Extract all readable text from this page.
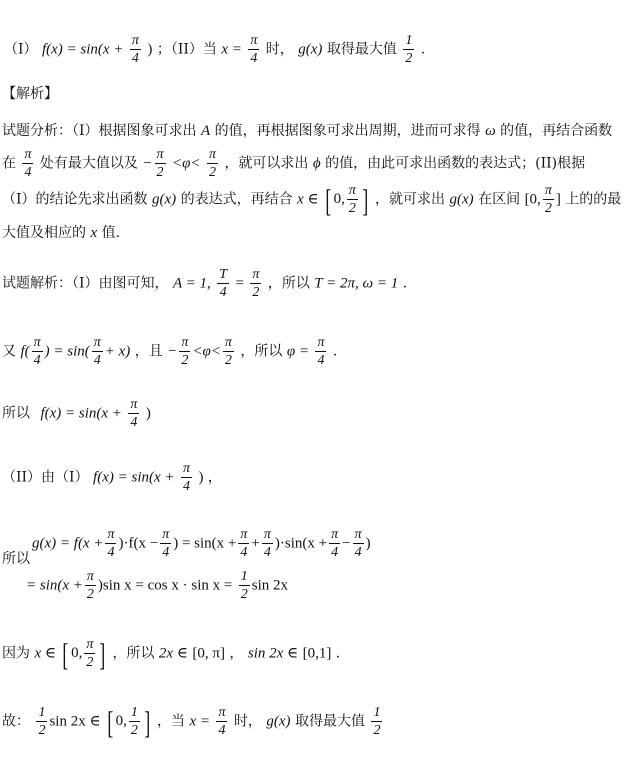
（I） $f(x) = \sin(x + \frac{\pi}{4}$ ) ；（II）当 $x = \frac{\pi}{4}$ 时， g(x) 取得最大值 $\frac{1}{2}$ .
【解析】
试题分析：（I）根据图象可求出 A 的值，再根据图象可求出周期，进而可求得 ω 的值，再结合函数
在 $\frac{\pi}{4}$ 处有最大值以及 − $\frac{\pi}{2} <\varphi< \frac{\pi}{2}$ ，就可以求出 ϕ 的值，由此可求出函数的表达式；(II)根据
（I）的结论先求出函数 g(x) 的表达式，再结合 x ∈ [ 0, $\frac{\pi}{2}$ ] ，就可求出 g(x) 在区间 [0, $\frac{\pi}{2}$ ] 上的的最
大值及相应的 x 值.
试题解析：（I）由图可知， A = 1, $\frac{T}{4} = \frac{\pi}{2}$ ，所以 T = 2π, ω = 1 .
又 $f( \frac{\pi}{4}$ ) = $\sin( \frac{\pi}{4} + x)$ ，且 − $\frac{\pi}{2} <\varphi< \frac{\pi}{2}$ ，所以 $\varphi = \frac{\pi}{4}$ .
所以 $f(x) = \sin(x + \frac{\pi}{4}$ )
（II）由（I） $f(x) = \sin(x + \frac{\pi}{4}$ ) ，
$g(x) = f(x + \frac{\pi}{4} )\cdot f(x - \frac{\pi}{4}$ ) = $\sin(x + \frac{\pi}{4} + \frac{\pi}{4} )\cdot\sin(x + \frac{\pi}{4} - \frac{\pi}{4}$ )
所以
= $\sin(x + \frac{\pi}{2} )\sin$ $x = \cos x \cdot \sin x = \frac{1}{2}$ sin 2x
因为 x ∈ [ 0, $\frac{\pi}{2}$ ] ，所以 2x ∈ [0, π] ， sin 2x ∈ [0,1] .
故： $\frac{1}{2}$ sin 2x ∈ [ 0, $\frac{1}{2}$ ] ，当 $x = \frac{\pi}{4}$ 时， g(x) 取得最大值 $\frac{1}{2}$
